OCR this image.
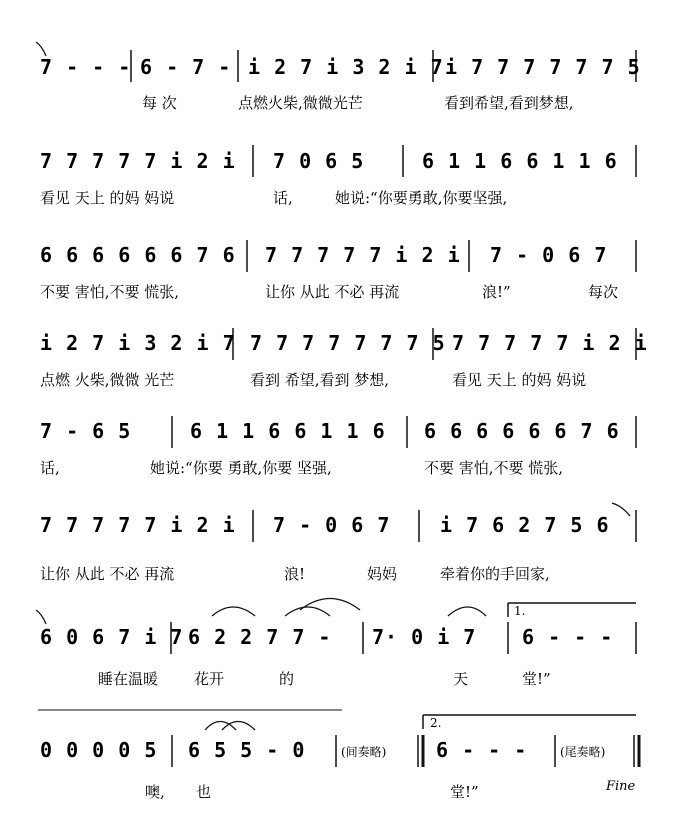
7 - - - 6 - 7 - i 2 7 i 3 2 i 7 i 7 7 7 7 7 7 5
7 7 7 7 7 i 2 i 7 0 6 5	6 1 1 6 6 1 1 6
6 6 6 6 6 6 7 6 7 7 7 7 7 i 2 i 7 - 0 6 7
i 2 7 i 3 2 i 7 7 7 7 7 7 7 7 5 7 7 7 7 7 i 2 i
7 - 6 5	6 1 1 6 6 1 1 6 6 6 6 6 6 6 7 6
7 7 7 7 7 i 2 i 7 - 0 6 7 i 7 6 2 7 5 6
6 0 6 7 i 7 6 2 2 7 7 - 7· 0 i 7 6 - - -
0 0 0 0 5 6 5 5 - 0	6 - - -
每 次	点燃火柴,微微光芒	看到希望,看到梦想,
看见 天上 的妈 妈说	话,	她说:“你要勇敢,你要坚强,
不要 害怕,不要 慌张,	让你 从此 不必 再流	浪!”	每次
点燃 火柴,微微 光芒	看到 希望,看到 梦想,	看见 天上 的妈 妈说
话,	她说:“你要 勇敢,你要 坚强,	不要 害怕,不要 慌张,
让你 从此 不必 再流	浪!	妈妈	牵着你的手回家,
睡在温暖 花开	的	天	堂!”
噢, 也	堂!”
1.
2.
(间奏略)	(尾奏略)
Fine
